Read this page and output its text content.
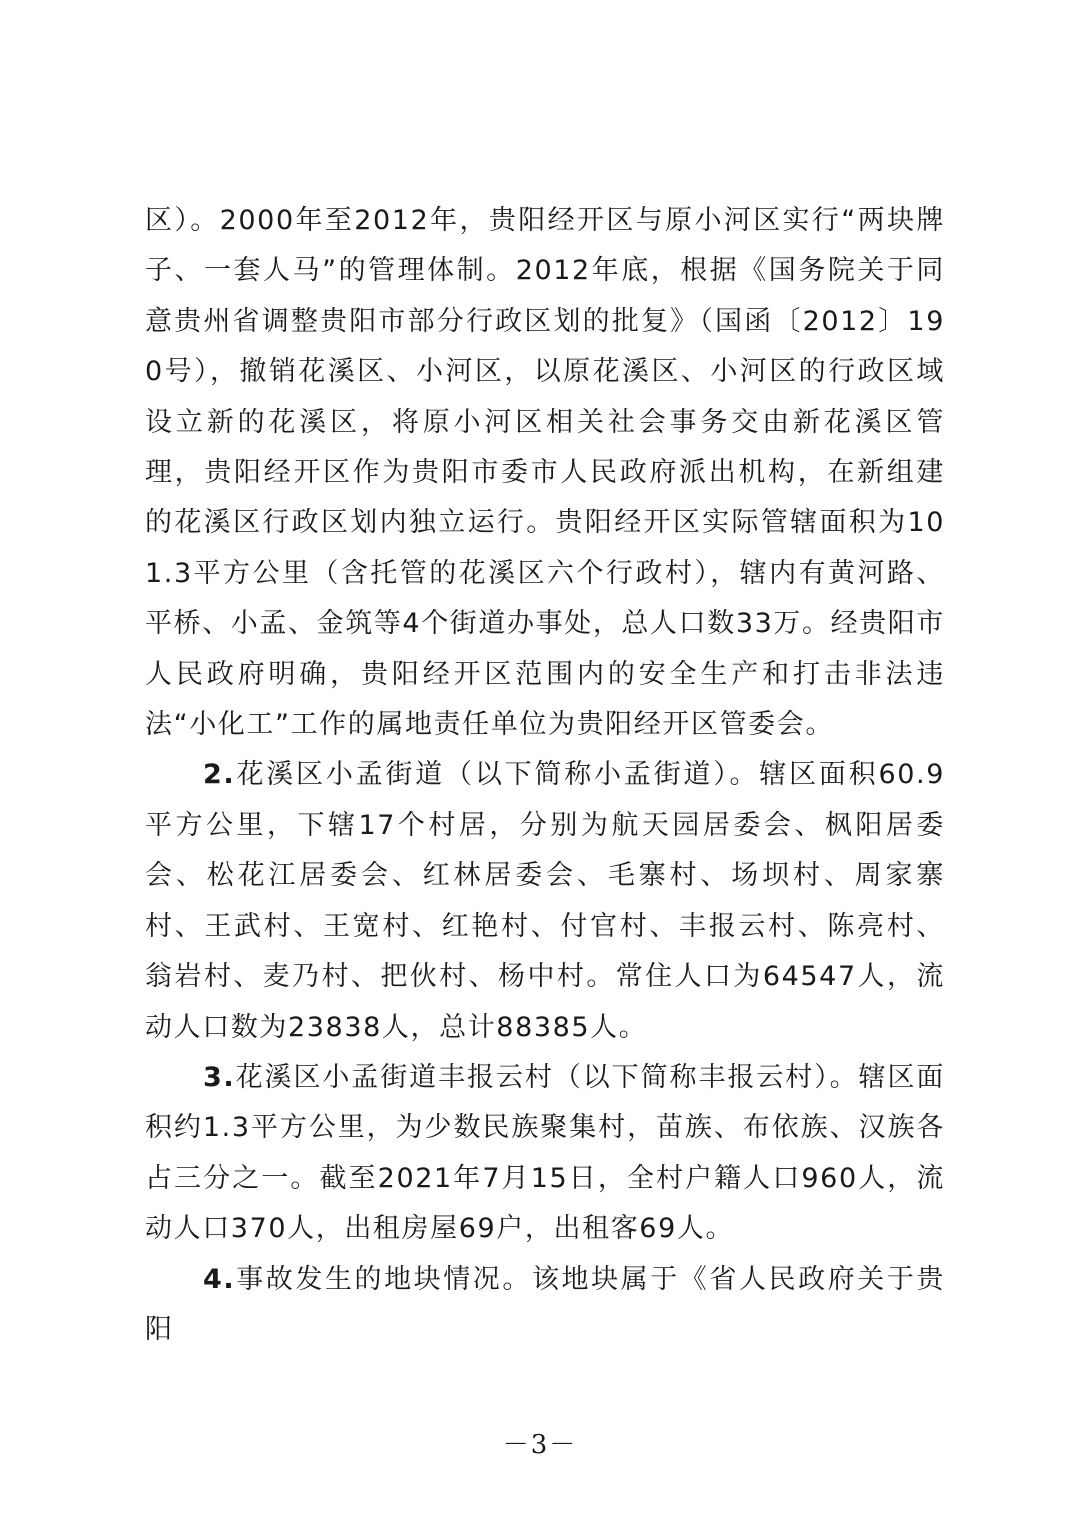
区）。2000年至2012年，贵阳经开区与原小河区实行“两块牌子、一套人马”的管理体制。2012年底，根据《国务院关于同意贵州省调整贵阳市部分行政区划的批复》（国函〔2012〕190号），撤销花溪区、小河区，以原花溪区、小河区的行政区域设立新的花溪区，将原小河区相关社会事务交由新花溪区管理，贵阳经开区作为贵阳市委市人民政府派出机构，在新组建的花溪区行政区划内独立运行。贵阳经开区实际管辖面积为101.3平方公里（含托管的花溪区六个行政村），辖内有黄河路、平桥、小孟、金筑等4个街道办事处，总人口数33万。经贵阳市人民政府明确，贵阳经开区范围内的安全生产和打击非法违法“小化工”工作的属地责任单位为贵阳经开区管委会。

2.花溪区小孟街道（以下简称小孟街道）。辖区面积60.9平方公里，下辖17个村居，分别为航天园居委会、枫阳居委会、松花江居委会、红林居委会、毛寨村、场坝村、周家寨村、王武村、王宽村、红艳村、付官村、丰报云村、陈亮村、翁岩村、麦乃村、把伙村、杨中村。常住人口为64547人，流动人口数为23838人，总计88385人。

3.花溪区小孟街道丰报云村（以下简称丰报云村）。辖区面积约1.3平方公里，为少数民族聚集村，苗族、布依族、汉族各占三分之一。截至2021年7月15日，全村户籍人口960人，流动人口370人，出租房屋69户，出租客69人。

4.事故发生的地块情况。该地块属于《省人民政府关于贵阳

－3－
